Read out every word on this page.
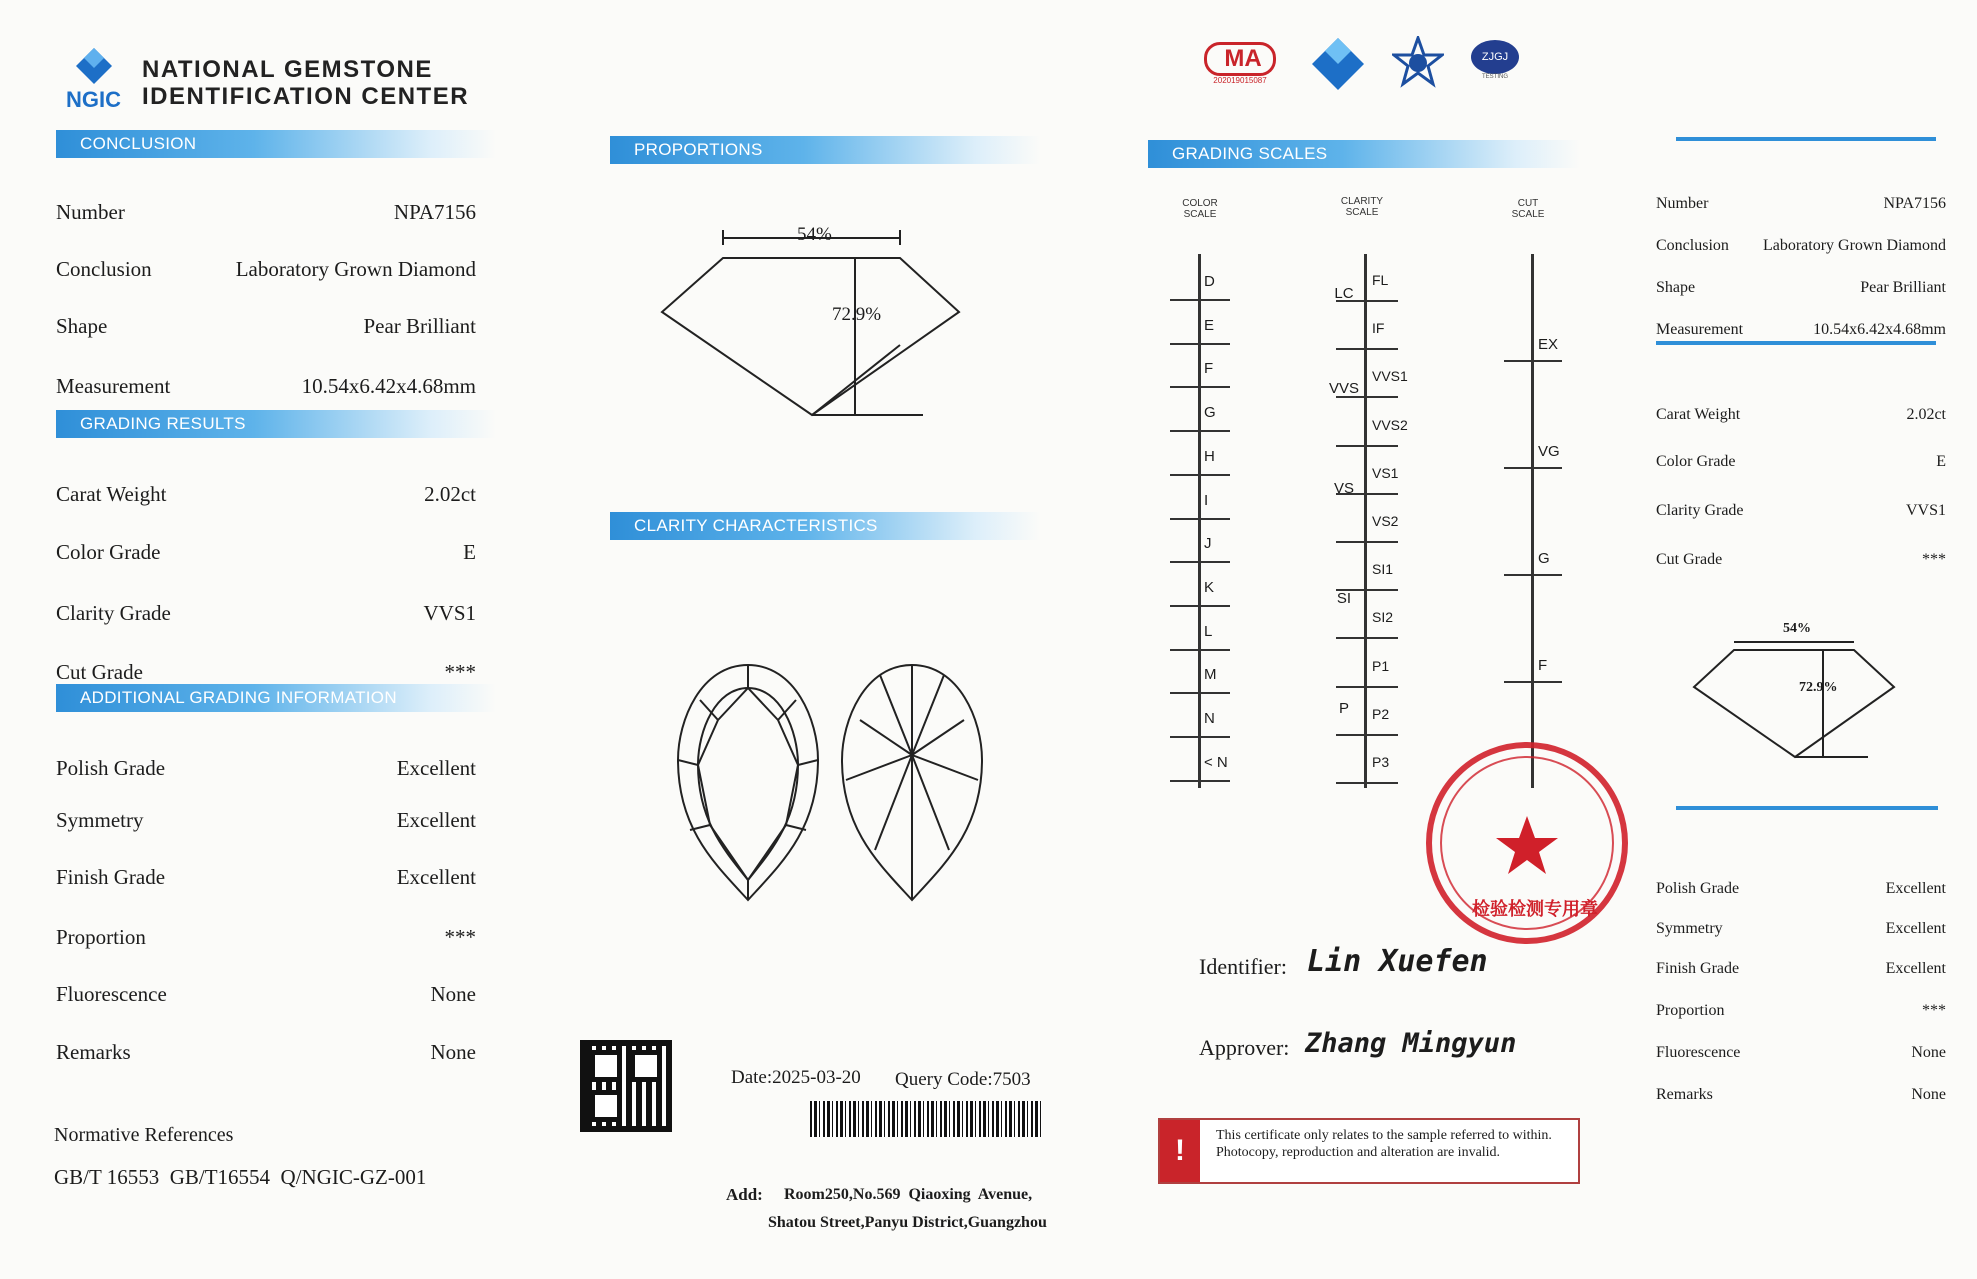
NGIC
NATIONAL GEMSTONE
IDENTIFICATION CENTER
CONCLUSION
Number	NPA7156
Conclusion	Laboratory Grown Diamond
Shape	Pear Brilliant
Measurement	10.54x6.42x4.68mm
GRADING RESULTS
Carat Weight	2.02ct
Color Grade	E
Clarity Grade	VVS1
Cut Grade	***
ADDITIONAL GRADING INFORMATION
Polish Grade	Excellent
Symmetry	Excellent
Finish Grade	Excellent
Proportion	***
Fluorescence	None
Remarks	None
Normative References
GB/T 16553  GB/T16554  Q/NGIC-GZ-001
PROPORTIONS
54%
72.9%
CLARITY CHARACTERISTICS
Date:2025-03-20 Query Code:7503
Add: Room250,No.569  Qiaoxing  Avenue,
Shatou Street,Panyu District,Guangzhou
MA
202019015087
ZJGJ
TESTING
GRADING SCALES
COLOR SCALE
CLARITY SCALE
CUT SCALE
D
E
F
G
H
I
J
K
L
M
N
< N
FL
IF
VVS1
VVS2
VS1
VS2
SI1
SI2
P1
P2
P3
LC
VVS
VS
SI
P
EX
VG
G
F
检验检测专用章
Identifier: Lin Xuefen
Approver: Zhang Mingyun
!	This certificate only relates to the sample referred to within. Photocopy, reproduction and alteration are invalid.
Number	NPA7156
Conclusion Laboratory Grown Diamond
Shape	Pear Brilliant
Measurement	10.54x6.42x4.68mm
Carat Weight	2.02ct
Color Grade	E
Clarity Grade	VVS1
Cut Grade	***
Polish Grade	Excellent
Symmetry	Excellent
Finish Grade	Excellent
Proportion	***
Fluorescence	None
Remarks	None
54%
72.9%
